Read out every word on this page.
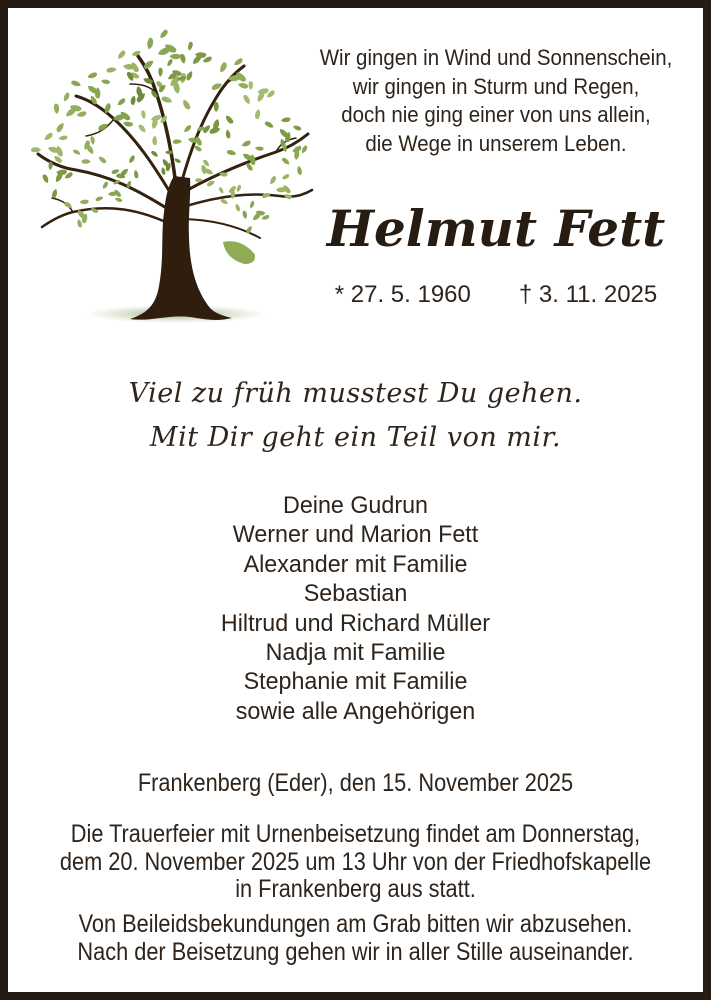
Wir gingen in Wind und Sonnenschein,
wir gingen in Sturm und Regen,
doch nie ging einer von uns allein,
die Wege in unserem Leben.
Helmut Fett
* 27. 5. 1960 † 3. 11. 2025
Viel zu früh musstest Du gehen.
Mit Dir geht ein Teil von mir.
Deine Gudrun
Werner und Marion Fett
Alexander mit Familie
Sebastian
Hiltrud und Richard Müller
Nadja mit Familie
Stephanie mit Familie
sowie alle Angehörigen
Frankenberg (Eder), den 15. November 2025
Die Trauerfeier mit Urnenbeisetzung findet am Donnerstag,
dem 20. November 2025 um 13 Uhr von der Friedhofskapelle
in Frankenberg aus statt.
Von Beileidsbekundungen am Grab bitten wir abzusehen.
Nach der Beisetzung gehen wir in aller Stille auseinander.
